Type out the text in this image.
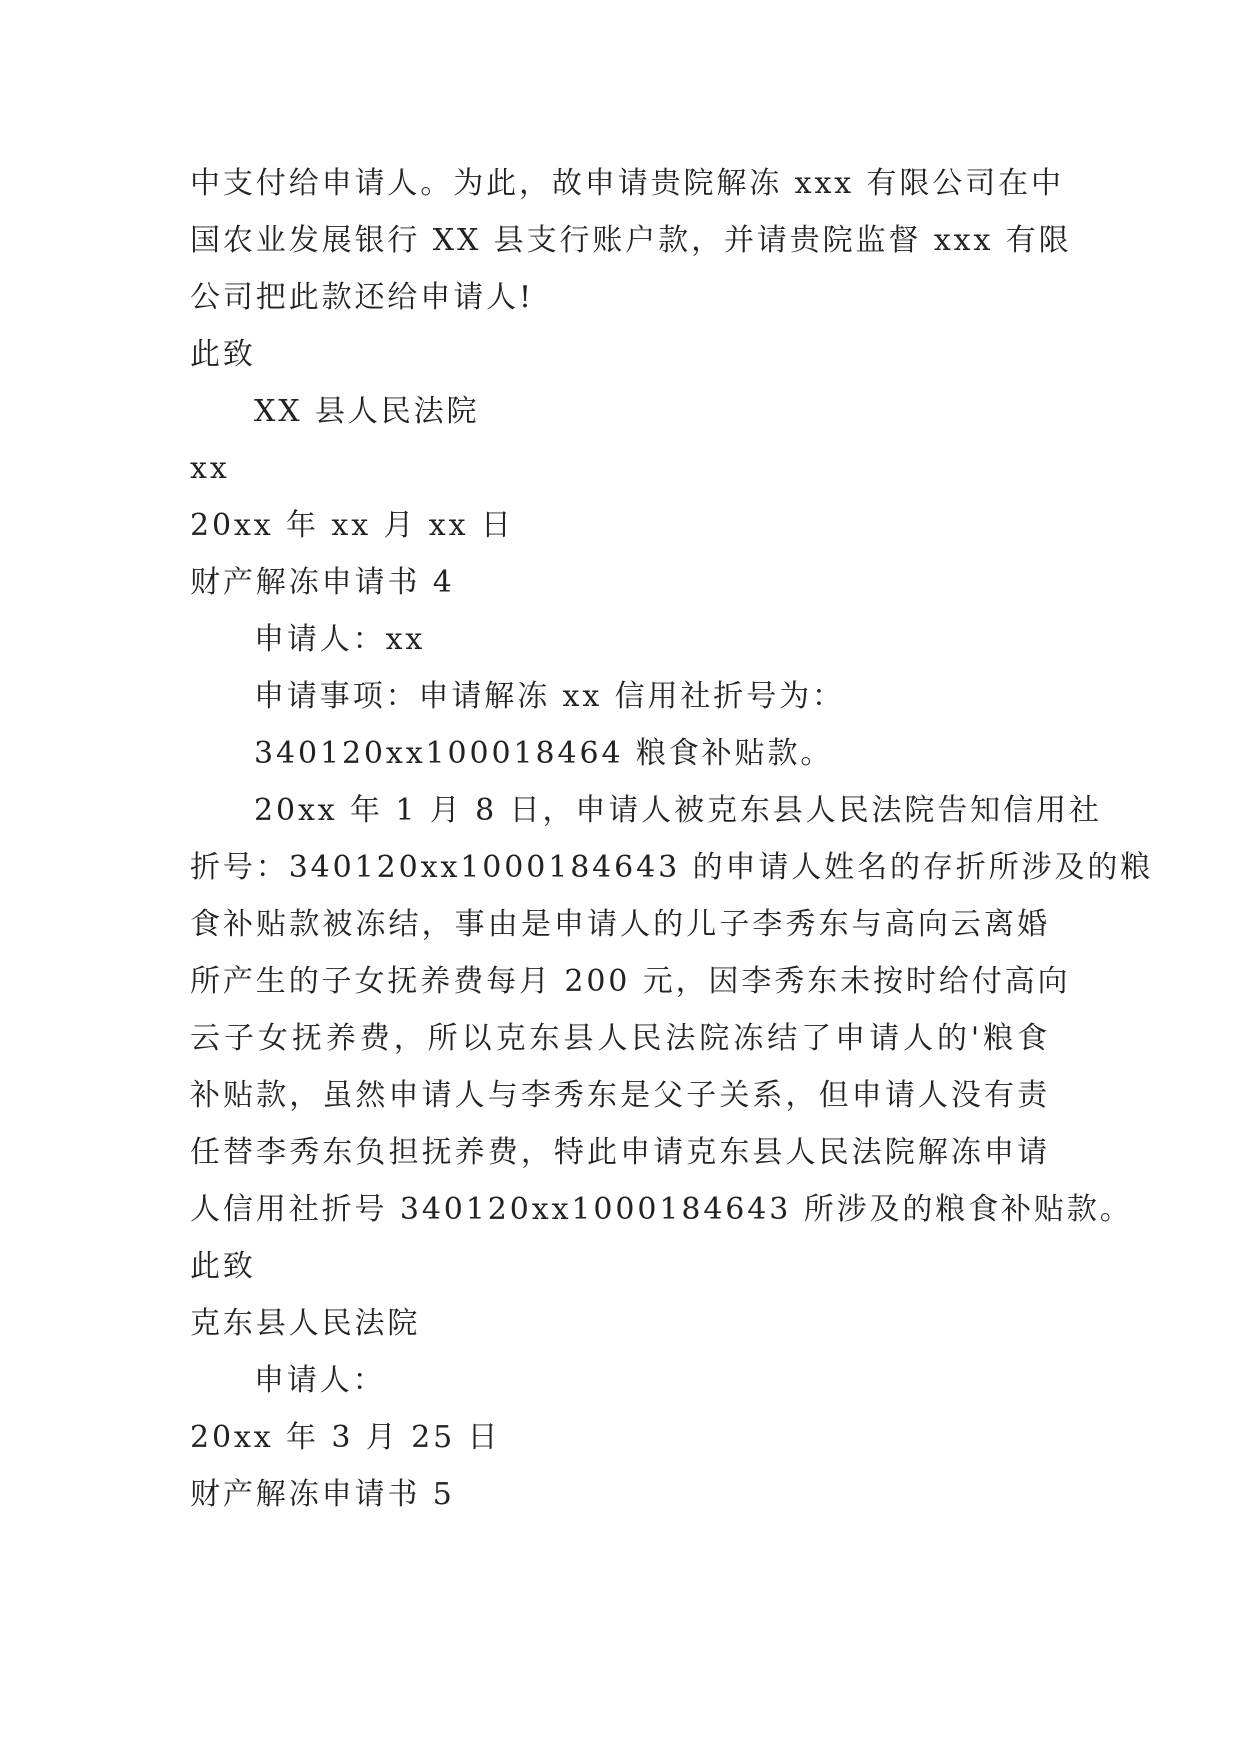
中支付给申请人。为此，故申请贵院解冻 xxx 有限公司在中
国农业发展银行 XX 县支行账户款，并请贵院监督 xxx 有限
公司把此款还给申请人!
此致
XX 县人民法院
xx
20xx 年 xx 月 xx 日
财产解冻申请书 4
申请人：xx
申请事项：申请解冻 xx 信用社折号为：
340120xx100018464 粮食补贴款。
20xx 年 1 月 8 日，申请人被克东县人民法院告知信用社
折号：340120xx1000184643 的申请人姓名的存折所涉及的粮
食补贴款被冻结，事由是申请人的儿子李秀东与高向云离婚
所产生的子女抚养费每月 200 元，因李秀东未按时给付高向
云子女抚养费，所以克东县人民法院冻结了申请人的'粮食
补贴款，虽然申请人与李秀东是父子关系，但申请人没有责
任替李秀东负担抚养费，特此申请克东县人民法院解冻申请
人信用社折号 340120xx1000184643 所涉及的粮食补贴款。
此致
克东县人民法院
申请人：
20xx 年 3 月 25 日
财产解冻申请书 5
